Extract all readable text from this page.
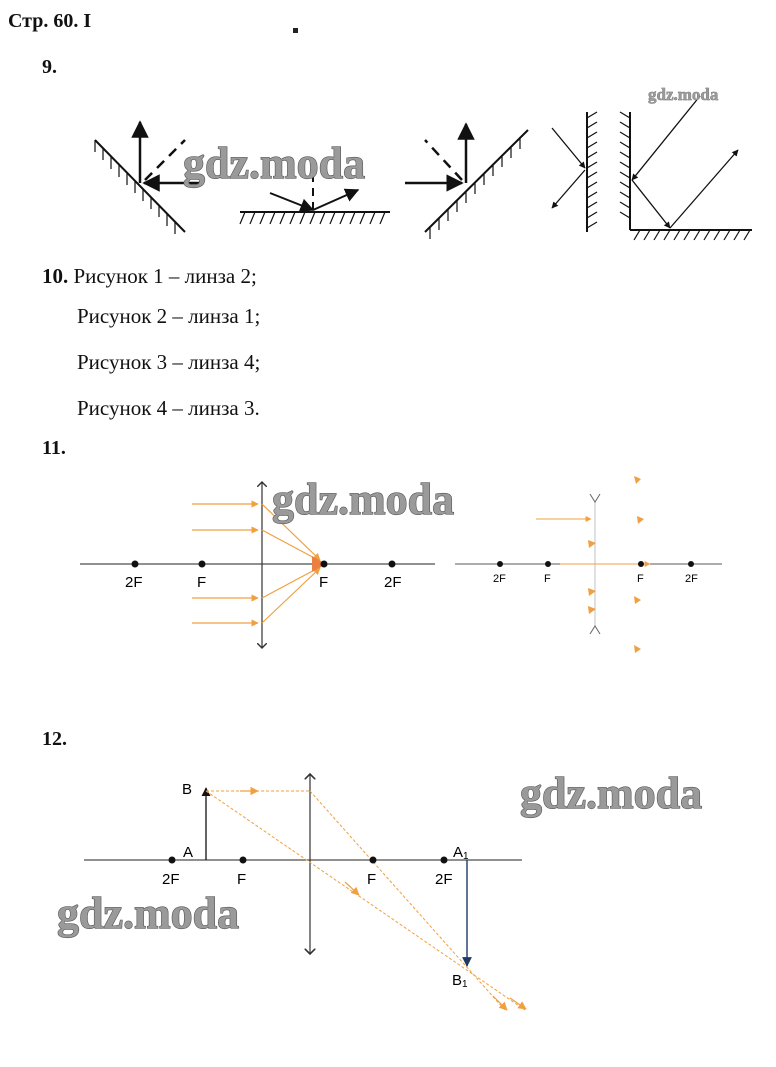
Стр. 60. I
9.
gdz.moda
gdz.moda
10. Рисунок 1 – линза 2;
Рисунок 2 – линза 1;
Рисунок 3 – линза 4;
Рисунок 4 – линза 3.
11.
2F	F	F	2F	2F	F	F	2F
gdz.moda
12.
B
A	A1
B1
2F	F	F	2F
gdz.moda
gdz.moda
